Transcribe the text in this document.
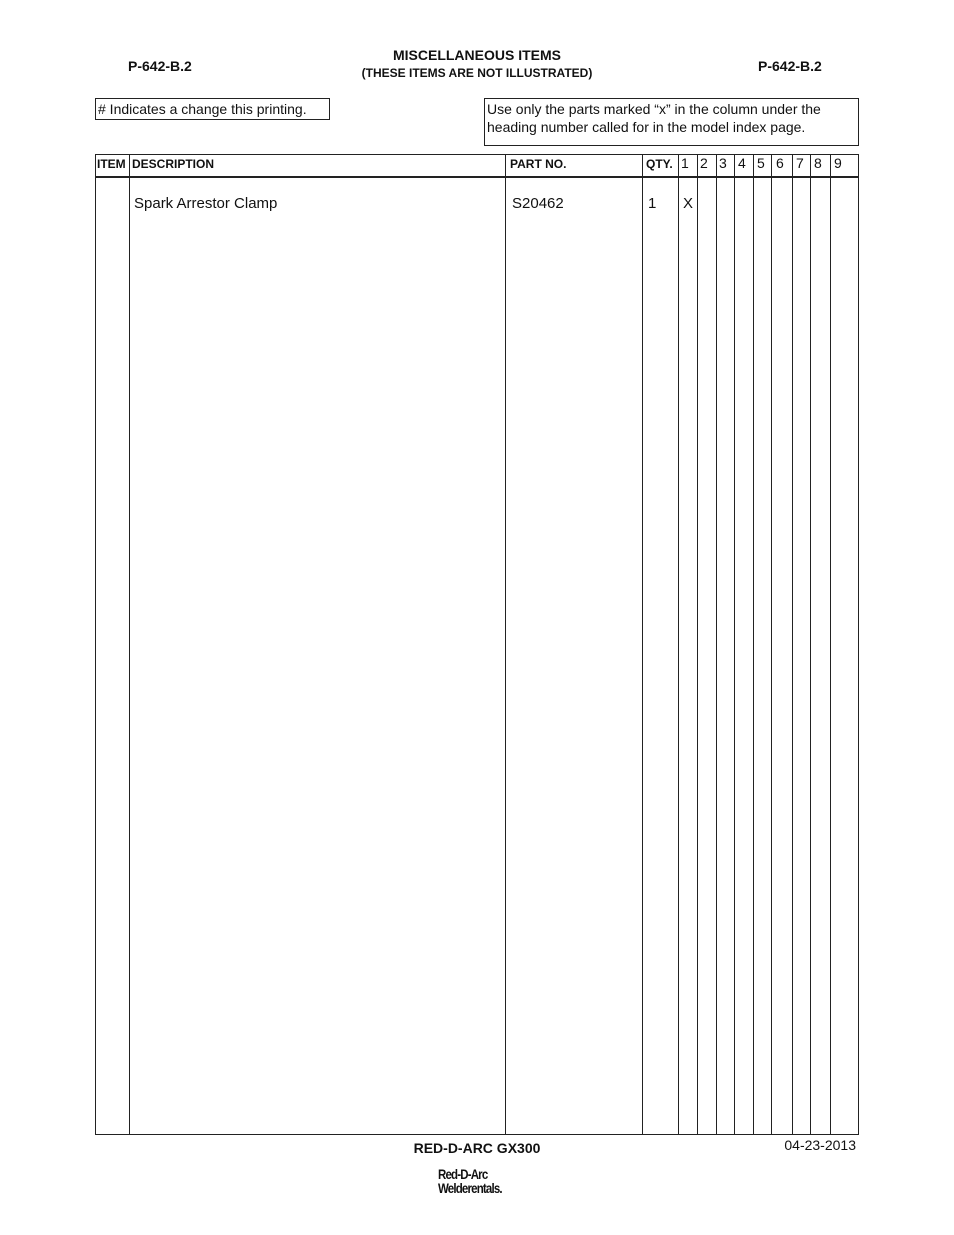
P-642-B.2	P-642-B.2
MISCELLANEOUS ITEMS
(THESE ITEMS ARE NOT ILLUSTRATED)
# Indicates a change this printing.	Use only the parts marked “x” in the column under the heading number called for in the model index page.
ITEM DESCRIPTION	PART NO.	QTY. 1 2 3 4 5 6 7 8 9
Spark Arrestor Clamp	S20462	1 X
RED-D-ARC GX300	04-23-2013
Red-D-Arc
Welderentals.
